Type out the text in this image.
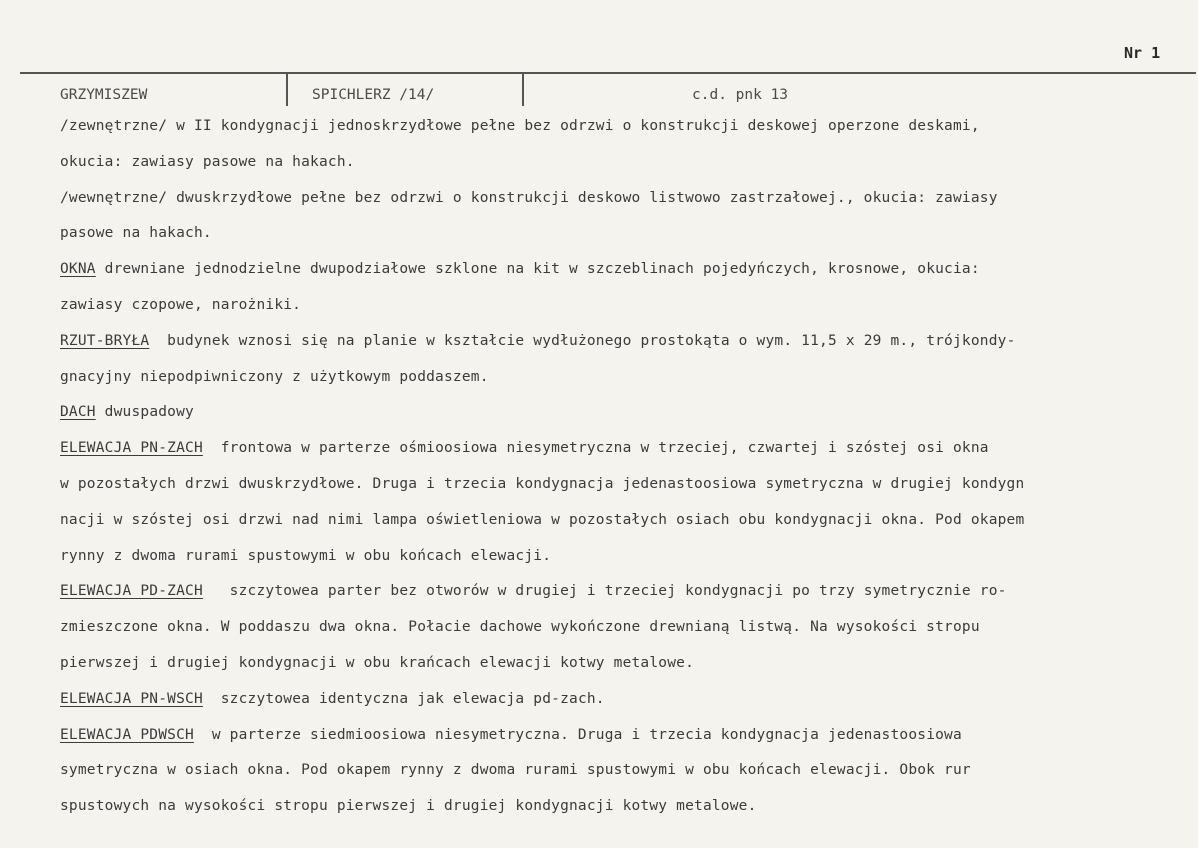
Nr 1
GRZYMISZEW	SPICHLERZ /14/	c.d. pnk 13
/zewnętrzne/ w II kondygnacji jednoskrzydłowe pełne bez odrzwi o konstrukcji deskowej operzone deskami,
okucia: zawiasy pasowe na hakach.
/wewnętrzne/ dwuskrzydłowe pełne bez odrzwi o konstrukcji deskowo listwowo zastrzałowej., okucia: zawiasy
pasowe na hakach.
OKNA drewniane jednodzielne dwupodziałowe szklone na kit w szczeblinach pojedyńczych, krosnowe, okucia:
zawiasy czopowe, narożniki.
RZUT-BRYŁA  budynek wznosi się na planie w kształcie wydłużonego prostokąta o wym. 11,5 x 29 m., trójkondy-
gnacyjny niepodpiwniczony z użytkowym poddaszem.
DACH dwuspadowy
ELEWACJA PN-ZACH  frontowa w parterze ośmioosiowa niesymetryczna w trzeciej, czwartej i szóstej osi okna
w pozostałych drzwi dwuskrzydłowe. Druga i trzecia kondygnacja jedenastoosiowa symetryczna w drugiej kondygn
nacji w szóstej osi drzwi nad nimi lampa oświetleniowa w pozostałych osiach obu kondygnacji okna. Pod okapem
rynny z dwoma rurami spustowymi w obu końcach elewacji.
ELEWACJA PD-ZACH   szczytowea parter bez otworów w drugiej i trzeciej kondygnacji po trzy symetrycznie ro-
zmieszczone okna. W poddaszu dwa okna. Połacie dachowe wykończone drewnianą listwą. Na wysokości stropu
pierwszej i drugiej kondygnacji w obu krańcach elewacji kotwy metalowe.
ELEWACJA PN-WSCH  szczytowea identyczna jak elewacja pd-zach.
ELEWACJA PDWSCH  w parterze siedmioosiowa niesymetryczna. Druga i trzecia kondygnacja jedenastoosiowa
symetryczna w osiach okna. Pod okapem rynny z dwoma rurami spustowymi w obu końcach elewacji. Obok rur
spustowych na wysokości stropu pierwszej i drugiej kondygnacji kotwy metalowe.
